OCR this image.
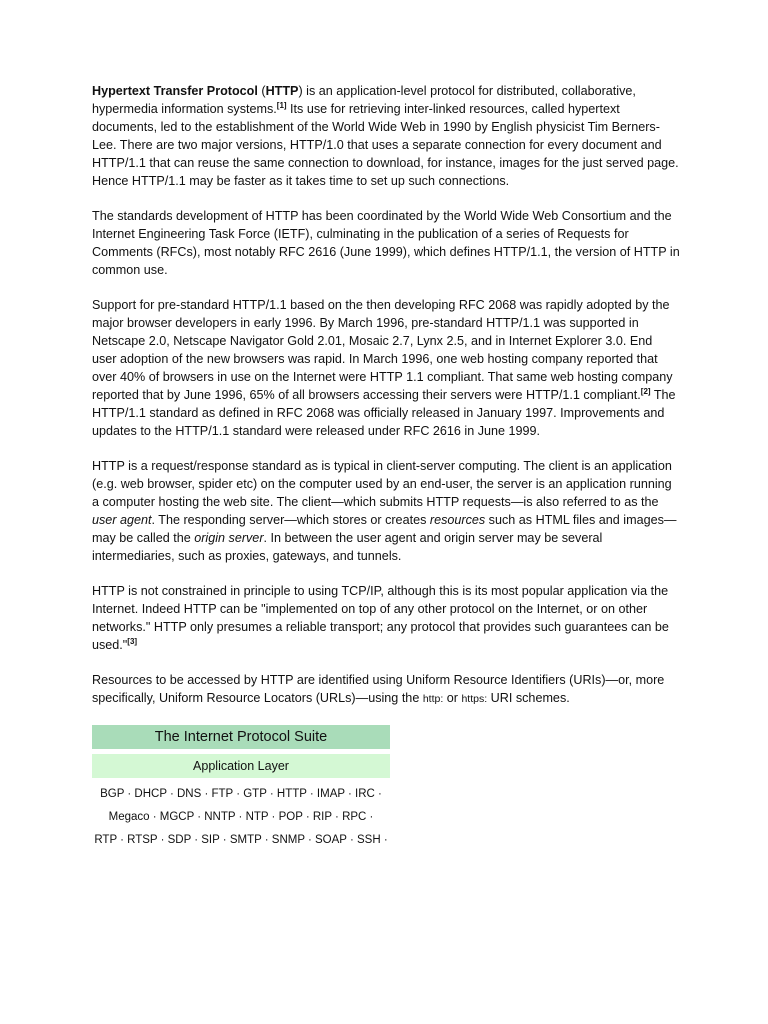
Hypertext Transfer Protocol (HTTP) is an application-level protocol for distributed, collaborative, hypermedia information systems.[1] Its use for retrieving inter-linked resources, called hypertext documents, led to the establishment of the World Wide Web in 1990 by English physicist Tim Berners-Lee. There are two major versions, HTTP/1.0 that uses a separate connection for every document and HTTP/1.1 that can reuse the same connection to download, for instance, images for the just served page. Hence HTTP/1.1 may be faster as it takes time to set up such connections.

The standards development of HTTP has been coordinated by the World Wide Web Consortium and the Internet Engineering Task Force (IETF), culminating in the publication of a series of Requests for Comments (RFCs), most notably RFC 2616 (June 1999), which defines HTTP/1.1, the version of HTTP in common use.

Support for pre-standard HTTP/1.1 based on the then developing RFC 2068 was rapidly adopted by the major browser developers in early 1996. By March 1996, pre-standard HTTP/1.1 was supported in Netscape 2.0, Netscape Navigator Gold 2.01, Mosaic 2.7, Lynx 2.5, and in Internet Explorer 3.0. End user adoption of the new browsers was rapid. In March 1996, one web hosting company reported that over 40% of browsers in use on the Internet were HTTP 1.1 compliant. That same web hosting company reported that by June 1996, 65% of all browsers accessing their servers were HTTP/1.1 compliant.[2] The HTTP/1.1 standard as defined in RFC 2068 was officially released in January 1997. Improvements and updates to the HTTP/1.1 standard were released under RFC 2616 in June 1999.

HTTP is a request/response standard as is typical in client-server computing. The client is an application (e.g. web browser, spider etc) on the computer used by an end-user, the server is an application running a computer hosting the web site. The client—which submits HTTP requests—is also referred to as the user agent. The responding server—which stores or creates resources such as HTML files and images—may be called the origin server. In between the user agent and origin server may be several intermediaries, such as proxies, gateways, and tunnels.

HTTP is not constrained in principle to using TCP/IP, although this is its most popular application via the Internet. Indeed HTTP can be "implemented on top of any other protocol on the Internet, or on other networks." HTTP only presumes a reliable transport; any protocol that provides such guarantees can be used."[3]

Resources to be accessed by HTTP are identified using Uniform Resource Identifiers (URIs)—or, more specifically, Uniform Resource Locators (URLs)—using the http: or https: URI schemes.

The Internet Protocol Suite
Application Layer
BGP · DHCP · DNS · FTP · GTP · HTTP · IMAP · IRC ·
Megaco · MGCP · NNTP · NTP · POP · RIP · RPC ·
RTP · RTSP · SDP · SIP · SMTP · SNMP · SOAP · SSH ·
